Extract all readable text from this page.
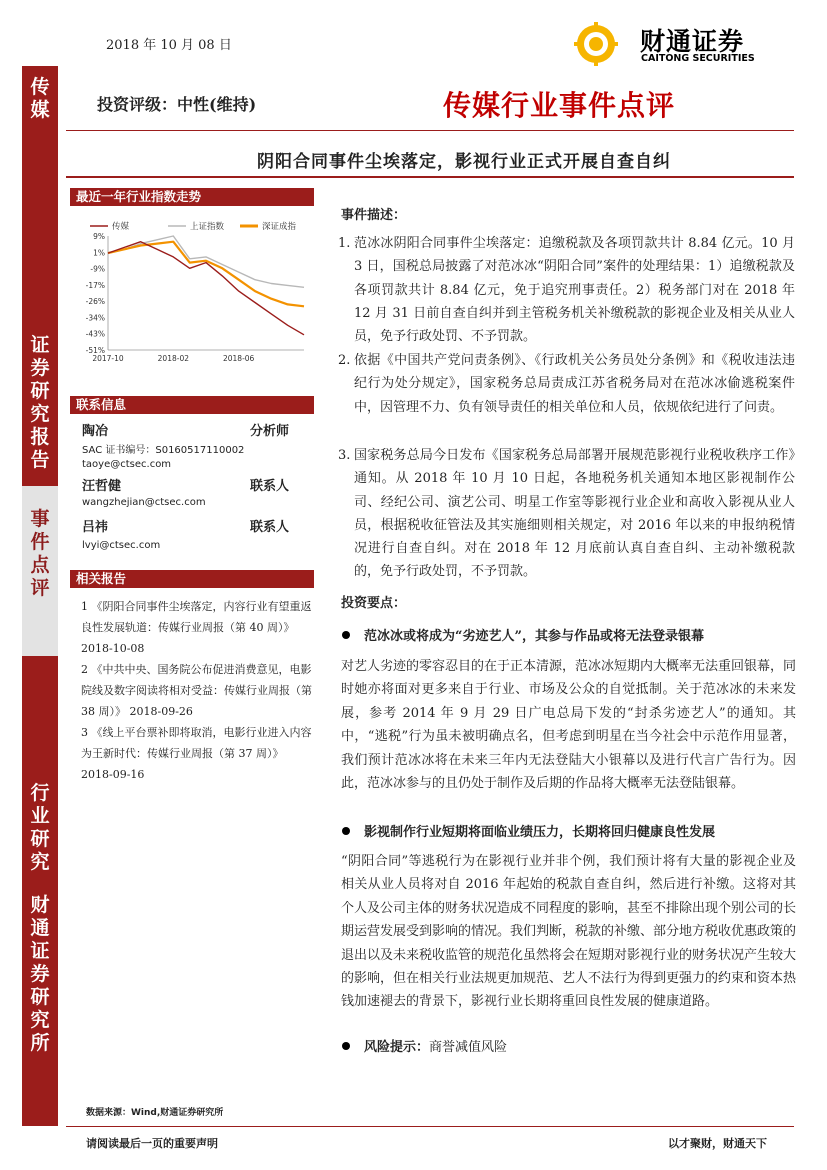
传媒
证券研究报告
事件点评
行业研究
财通证券研究所
2018 年 10 月 08 日	财通证券
CAITONG SECURITIES
投资评级：中性(维持)	传媒行业事件点评
阴阳合同事件尘埃落定，影视行业正式开展自查自纠
最近一年行业指数走势
传媒	上证指数	深证成指
9%
1%
-9%
-17%
-26%
-34%
-43%
-51%
2017-10	2018-02	2018-06
联系信息
陶冶	分析师
SAC 证书编号：S0160517110002
taoye@ctsec.com
汪哲健	联系人
wangzhejian@ctsec.com
吕祎	联系人
lvyi@ctsec.com
相关报告

1 《阴阳合同事件尘埃落定，内容行业有望重返良性发展轨道：传媒行业周报（第 40 周）》 2018-10-08

2 《中共中央、国务院公布促进消费意见，电影院线及数字阅读将相对受益：传媒行业周报（第 38 周）》 2018-09-26

3 《线上平台票补即将取消，电影行业进入内容为王新时代：传媒行业周报（第 37 周）》 2018-09-16

事件描述：
1. 范冰冰阴阳合同事件尘埃落定：追缴税款及各项罚款共计 8.84 亿元。10 月 3 日，国税总局披露了对范冰冰“阴阳合同”案件的处理结果：1）追缴税款及各项罚款共计 8.84 亿元，免于追究刑事责任。2）税务部门对在 2018 年 12 月 31 日前自查自纠并到主管税务机关补缴税款的影视企业及相关从业人员，免予行政处罚、不予罚款。
2. 依据《中国共产党问责条例》、《行政机关公务员处分条例》和《税收违法违纪行为处分规定》，国家税务总局责成江苏省税务局对在范冰冰偷逃税案件中，因管理不力、负有领导责任的相关单位和人员，依规依纪进行了问责。
3. 国家税务总局今日发布《国家税务总局部署开展规范影视行业税收秩序工作》通知。从 2018 年 10 月 10 日起，各地税务机关通知本地区影视制作公司、经纪公司、演艺公司、明星工作室等影视行业企业和高收入影视从业人员，根据税收征管法及其实施细则相关规定，对 2016 年以来的申报纳税情况进行自查自纠。对在 2018 年 12 月底前认真自查自纠、主动补缴税款的，免予行政处罚，不予罚款。
投资要点：
范冰冰或将成为“劣迹艺人”，其参与作品或将无法登录银幕
对艺人劣迹的零容忍目的在于正本清源，范冰冰短期内大概率无法重回银幕，同时她亦将面对更多来自于行业、市场及公众的自觉抵制。关于范冰冰的未来发展，参考 2014 年 9 月 29 日广电总局下发的“封杀劣迹艺人”的通知。其中，“逃税”行为虽未被明确点名，但考虑到明星在当今社会中示范作用显著，我们预计范冰冰将在未来三年内无法登陆大小银幕以及进行代言广告行为。因此，范冰冰参与的且仍处于制作及后期的作品将大概率无法登陆银幕。
影视制作行业短期将面临业绩压力，长期将回归健康良性发展
“阴阳合同”等逃税行为在影视行业并非个例，我们预计将有大量的影视企业及相关从业人员将对自 2016 年起始的税款自查自纠，然后进行补缴。这将对其个人及公司主体的财务状况造成不同程度的影响，甚至不排除出现个别公司的长期运营发展受到影响的情况。我们判断，税款的补缴、部分地方税收优惠政策的退出以及未来税收监管的规范化虽然将会在短期对影视行业的财务状况产生较大的影响，但在相关行业法规更加规范、艺人不法行为得到更强力的约束和资本热钱加速褪去的背景下，影视行业长期将重回良性发展的健康道路。
风险提示：商誉减值风险
数据来源：Wind,财通证券研究所
请阅读最后一页的重要声明	以才聚财，财通天下
